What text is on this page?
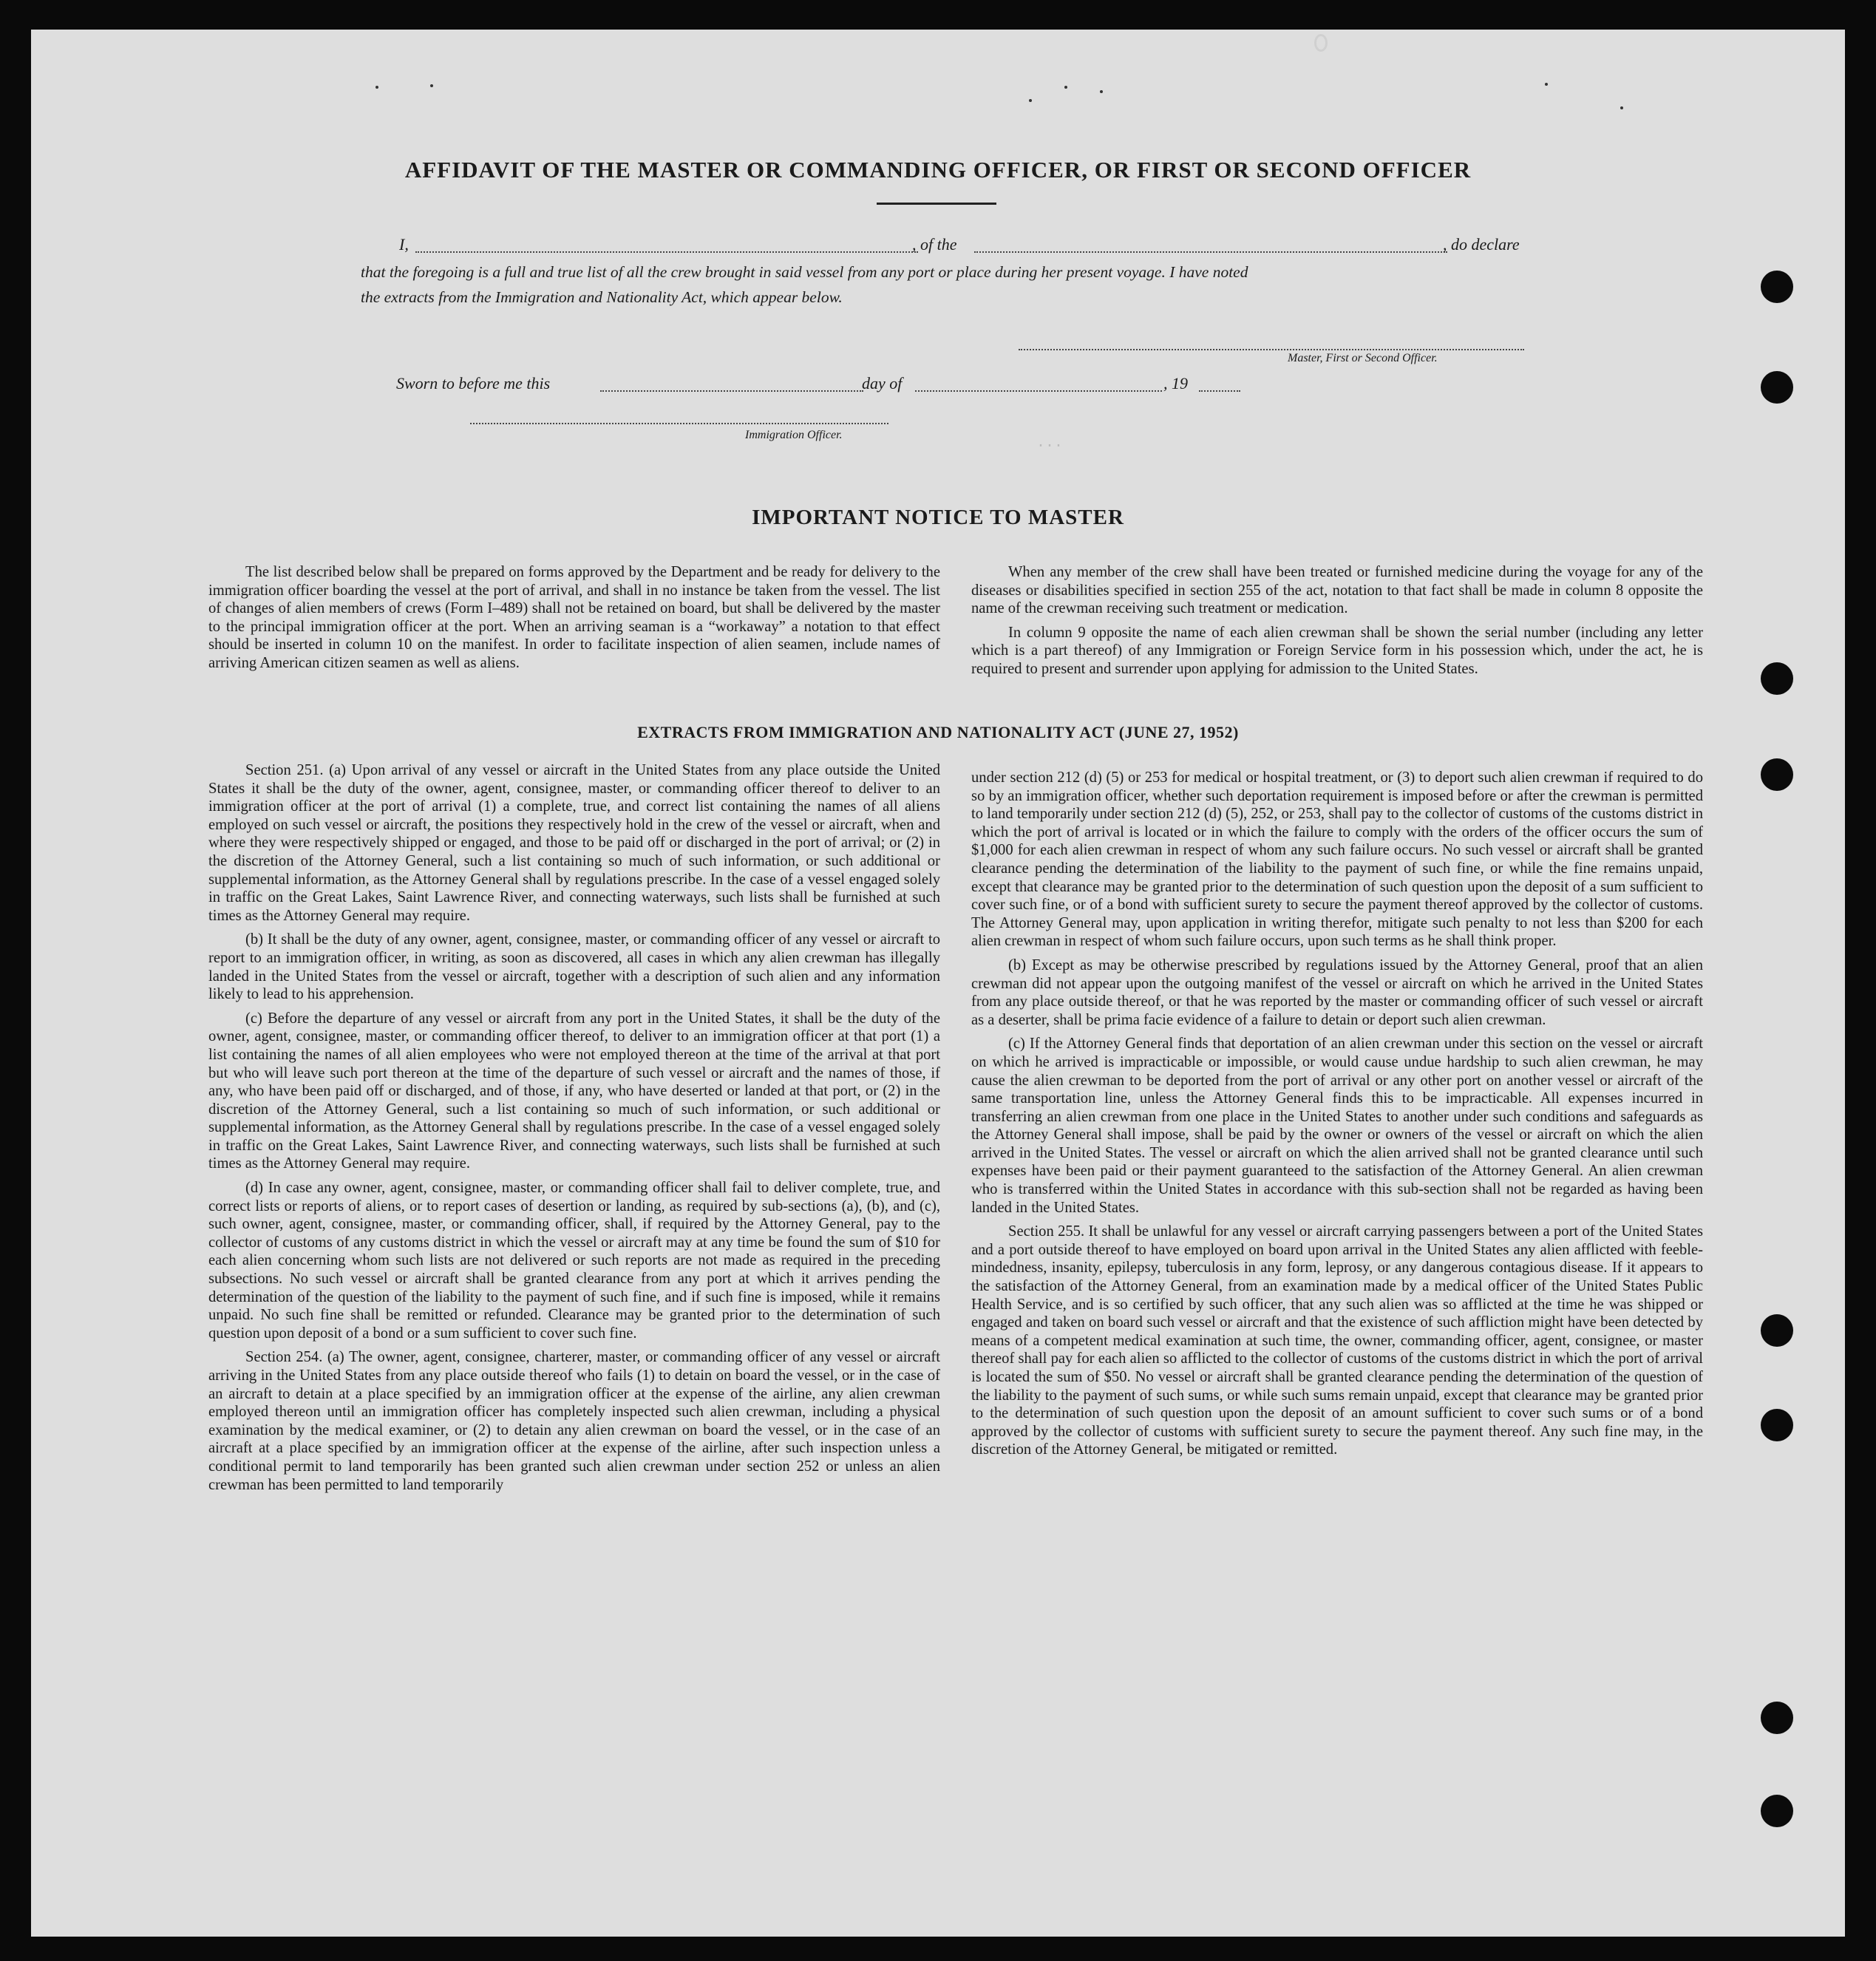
...
AFFIDAVIT OF THE MASTER OR COMMANDING OFFICER, OR FIRST OR SECOND OFFICER
I,	, of the	, do declare
that the foregoing is a full and true list of all the crew brought in said vessel from any port or place during her present voyage. I have noted
the extracts from the Immigration and Nationality Act, which appear below.
Master, First or Second Officer.
Sworn to before me this	day of	, 19
Immigration Officer.
IMPORTANT NOTICE TO MASTER

The list described below shall be prepared on forms approved by the Department and be ready for delivery to the immigration officer boarding the vessel at the port of arrival, and shall in no instance be taken from the vessel. The list of changes of alien members of crews (Form I–489) shall not be retained on board, but shall be delivered by the master to the principal immigration officer at the port. When an arriving seaman is a “workaway” a notation to that effect should be inserted in column 10 on the manifest. In order to facilitate inspection of alien seamen, include names of arriving American citizen seamen as well as aliens.

When any member of the crew shall have been treated or furnished medicine during the voyage for any of the diseases or disabilities specified in section 255 of the act, notation to that fact shall be made in column 8 opposite the name of the crewman receiving such treatment or medication.

In column 9 opposite the name of each alien crewman shall be shown the serial number (including any letter which is a part thereof) of any Immigration or Foreign Service form in his possession which, under the act, he is required to present and surrender upon applying for admission to the United States.

EXTRACTS FROM IMMIGRATION AND NATIONALITY ACT (JUNE 27, 1952)

Section 251. (a) Upon arrival of any vessel or aircraft in the United States from any place outside the United States it shall be the duty of the owner, agent, consignee, master, or commanding officer thereof to deliver to an immigration officer at the port of arrival (1) a complete, true, and correct list containing the names of all aliens employed on such vessel or aircraft, the positions they respectively hold in the crew of the vessel or aircraft, when and where they were respectively shipped or engaged, and those to be paid off or discharged in the port of arrival; or (2) in the discretion of the Attorney General, such a list containing so much of such information, or such additional or supplemental information, as the Attorney General shall by regulations prescribe. In the case of a vessel engaged solely in traffic on the Great Lakes, Saint Lawrence River, and connecting waterways, such lists shall be furnished at such times as the Attorney General may require.

(b) It shall be the duty of any owner, agent, consignee, master, or commanding officer of any vessel or aircraft to report to an immigration officer, in writing, as soon as discovered, all cases in which any alien crewman has illegally landed in the United States from the vessel or aircraft, together with a description of such alien and any information likely to lead to his apprehension.

(c) Before the departure of any vessel or aircraft from any port in the United States, it shall be the duty of the owner, agent, consignee, master, or commanding officer thereof, to deliver to an immigration officer at that port (1) a list containing the names of all alien employees who were not employed thereon at the time of the arrival at that port but who will leave such port thereon at the time of the departure of such vessel or aircraft and the names of those, if any, who have been paid off or discharged, and of those, if any, who have deserted or landed at that port, or (2) in the discretion of the Attorney General, such a list containing so much of such information, or such additional or supplemental information, as the Attorney General shall by regulations prescribe. In the case of a vessel engaged solely in traffic on the Great Lakes, Saint Lawrence River, and connecting waterways, such lists shall be furnished at such times as the Attorney General may require.

(d) In case any owner, agent, consignee, master, or commanding officer shall fail to deliver complete, true, and correct lists or reports of aliens, or to report cases of desertion or landing, as required by sub-sections (a), (b), and (c), such owner, agent, consignee, master, or commanding officer, shall, if required by the Attorney General, pay to the collector of customs of any customs district in which the vessel or aircraft may at any time be found the sum of $10 for each alien concerning whom such lists are not delivered or such reports are not made as required in the preceding subsections. No such vessel or aircraft shall be granted clearance from any port at which it arrives pending the determination of the question of the liability to the payment of such fine, and if such fine is imposed, while it remains unpaid. No such fine shall be remitted or refunded. Clearance may be granted prior to the determination of such question upon deposit of a bond or a sum sufficient to cover such fine.

Section 254. (a) The owner, agent, consignee, charterer, master, or commanding officer of any vessel or aircraft arriving in the United States from any place outside thereof who fails (1) to detain on board the vessel, or in the case of an aircraft to detain at a place specified by an immigration officer at the expense of the airline, any alien crewman employed thereon until an immigration officer has completely inspected such alien crewman, including a physical examination by the medical examiner, or (2) to detain any alien crewman on board the vessel, or in the case of an aircraft at a place specified by an immigration officer at the expense of the airline, after such inspection unless a conditional permit to land temporarily has been granted such alien crewman under section 252 or unless an alien crewman has been permitted to land temporarily

under section 212 (d) (5) or 253 for medical or hospital treatment, or (3) to deport such alien crewman if required to do so by an immigration officer, whether such deportation requirement is imposed before or after the crewman is permitted to land temporarily under section 212 (d) (5), 252, or 253, shall pay to the collector of customs of the customs district in which the port of arrival is located or in which the failure to comply with the orders of the officer occurs the sum of $1,000 for each alien crewman in respect of whom any such failure occurs. No such vessel or aircraft shall be granted clearance pending the determination of the liability to the payment of such fine, or while the fine remains unpaid, except that clearance may be granted prior to the determination of such question upon the deposit of a sum sufficient to cover such fine, or of a bond with sufficient surety to secure the payment thereof approved by the collector of customs. The Attorney General may, upon application in writing therefor, mitigate such penalty to not less than $200 for each alien crewman in respect of whom such failure occurs, upon such terms as he shall think proper.

(b) Except as may be otherwise prescribed by regulations issued by the Attorney General, proof that an alien crewman did not appear upon the outgoing manifest of the vessel or aircraft on which he arrived in the United States from any place outside thereof, or that he was reported by the master or commanding officer of such vessel or aircraft as a deserter, shall be prima facie evidence of a failure to detain or deport such alien crewman.

(c) If the Attorney General finds that deportation of an alien crewman under this section on the vessel or aircraft on which he arrived is impracticable or impossible, or would cause undue hardship to such alien crewman, he may cause the alien crewman to be deported from the port of arrival or any other port on another vessel or aircraft of the same transportation line, unless the Attorney General finds this to be impracticable. All expenses incurred in transferring an alien crewman from one place in the United States to another under such conditions and safeguards as the Attorney General shall impose, shall be paid by the owner or owners of the vessel or aircraft on which the alien arrived in the United States. The vessel or aircraft on which the alien arrived shall not be granted clearance until such expenses have been paid or their payment guaranteed to the satisfaction of the Attorney General. An alien crewman who is transferred within the United States in accordance with this sub-section shall not be regarded as having been landed in the United States.

Section 255. It shall be unlawful for any vessel or aircraft carrying passengers between a port of the United States and a port outside thereof to have employed on board upon arrival in the United States any alien afflicted with feeble-mindedness, insanity, epilepsy, tuberculosis in any form, leprosy, or any dangerous contagious disease. If it appears to the satisfaction of the Attorney General, from an examination made by a medical officer of the United States Public Health Service, and is so certified by such officer, that any such alien was so afflicted at the time he was shipped or engaged and taken on board such vessel or aircraft and that the existence of such affliction might have been detected by means of a competent medical examination at such time, the owner, commanding officer, agent, consignee, or master thereof shall pay for each alien so afflicted to the collector of customs of the customs district in which the port of arrival is located the sum of $50. No vessel or aircraft shall be granted clearance pending the determination of the question of the liability to the payment of such sums, or while such sums remain unpaid, except that clearance may be granted prior to the determination of such question upon the deposit of an amount sufficient to cover such sums or of a bond approved by the collector of customs with sufficient surety to secure the payment thereof. Any such fine may, in the discretion of the Attorney General, be mitigated or remitted.
